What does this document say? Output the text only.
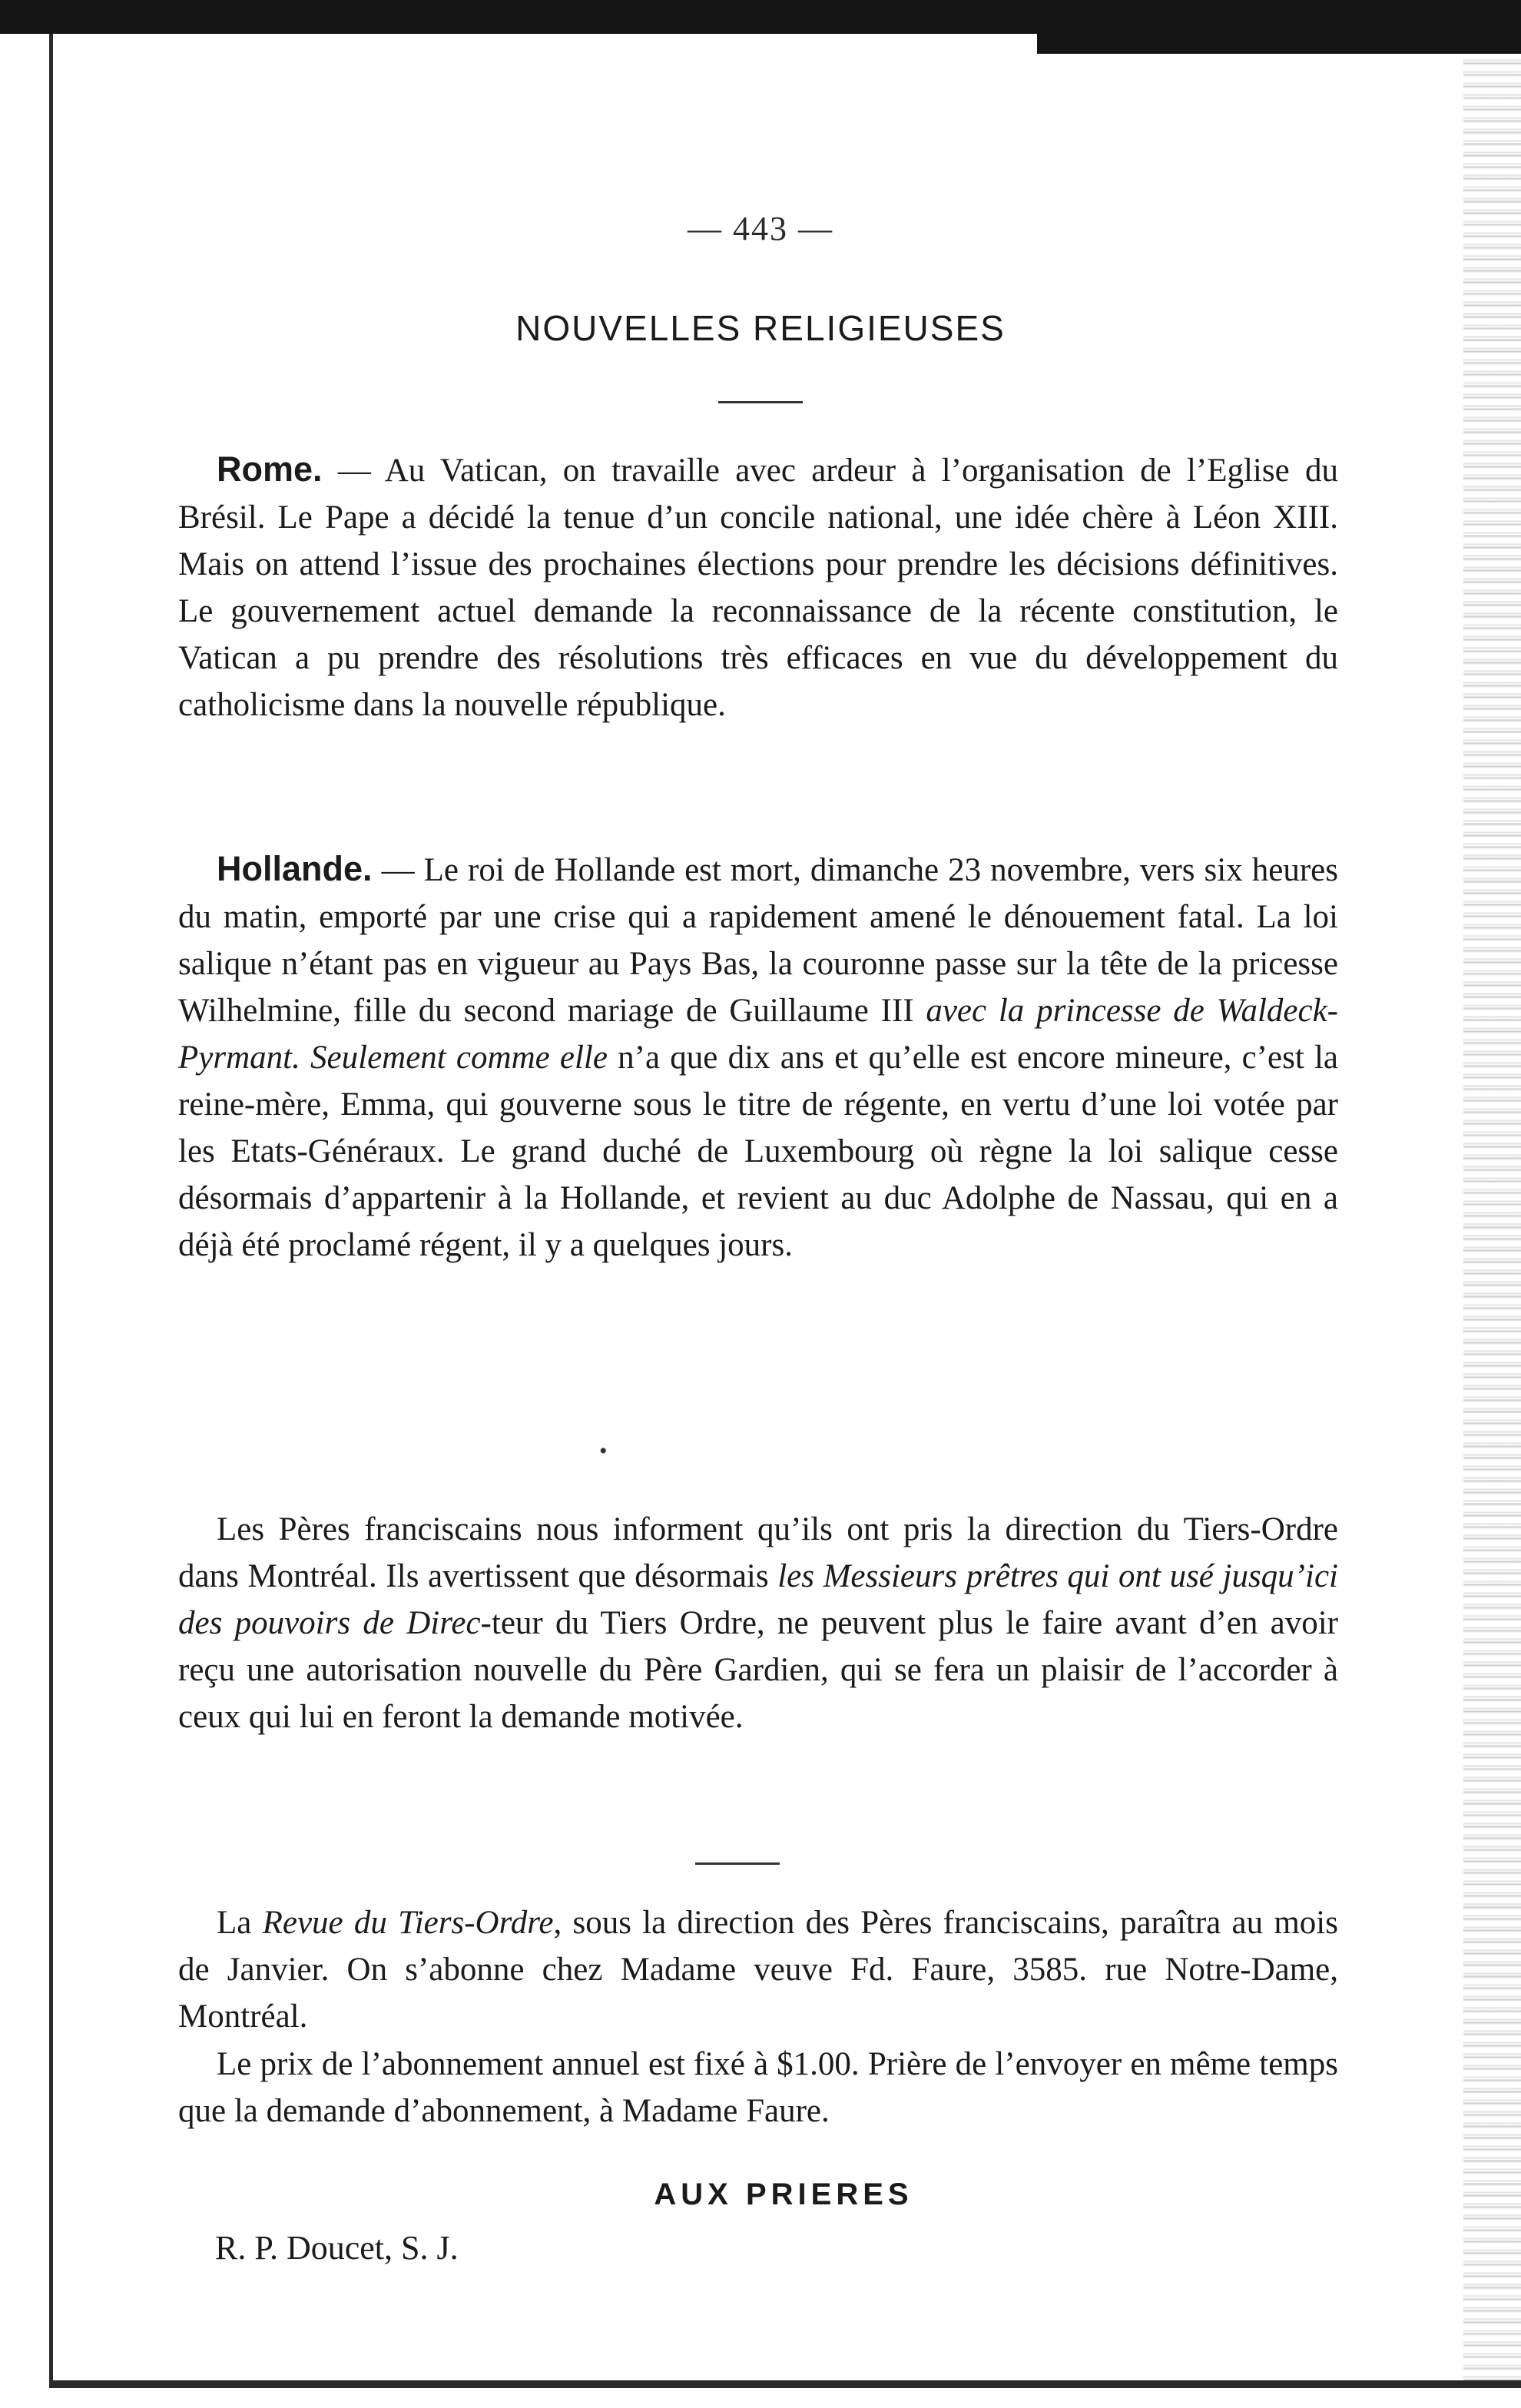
— 443 —
NOUVELLES RELIGIEUSES

Rome. — Au Vatican, on travaille avec ardeur à l’organisation de l’Eglise du Brésil. Le Pape a décidé la tenue d’un concile national, une idée chère à Léon XIII. Mais on attend l’issue des prochaines élections pour prendre les décisions définitives. Le gouvernement actuel demande la reconnaissance de la récente constitution, le Vatican a pu prendre des résolutions très efficaces en vue du développement du catholicisme dans la nouvelle république.

Hollande. — Le roi de Hollande est mort, dimanche 23 novembre, vers six heures du matin, emporté par une crise qui a rapidement amené le dénouement fatal. La loi salique n’étant pas en vigueur au Pays Bas, la couronne passe sur la tête de la pricesse Wilhelmine, fille du second mariage de Guillaume III avec la princesse de Waldeck-Pyrmant. Seulement comme elle n’a que dix ans et qu’elle est encore mineure, c’est la reine-mère, Emma, qui gouverne sous le titre de régente, en vertu d’une loi votée par les Etats-Généraux. Le grand duché de Luxembourg où règne la loi salique cesse désormais d’appartenir à la Hollande, et revient au duc Adolphe de Nassau, qui en a déjà été proclamé régent, il y a quelques jours.

•

Les Pères franciscains nous informent qu’ils ont pris la direction du Tiers-Ordre dans Montréal. Ils avertissent que désormais les Messieurs prêtres qui ont usé jusqu’ici des pouvoirs de Direc-teur du Tiers Ordre, ne peuvent plus le faire avant d’en avoir reçu une autorisation nouvelle du Père Gardien, qui se fera un plaisir de l’accorder à ceux qui lui en feront la demande motivée.

La Revue du Tiers-Ordre, sous la direction des Pères franciscains, paraîtra au mois de Janvier. On s’abonne chez Madame veuve Fd. Faure, 3585. rue Notre-Dame, Montréal.

Le prix de l’abonnement annuel est fixé à $1.00. Prière de l’envoyer en même temps que la demande d’abonnement, à Madame Faure.

AUX PRIERES
R. P. Doucet, S. J.
